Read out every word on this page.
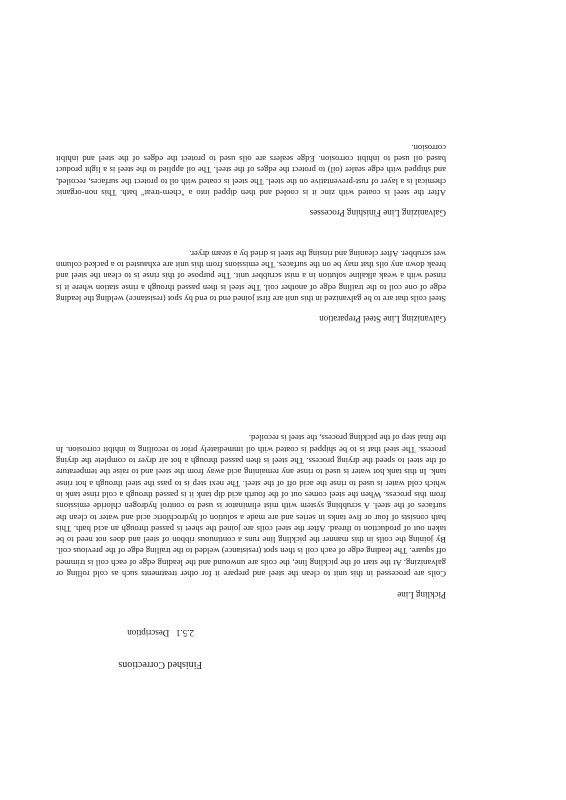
Finished Corrections
2.5.1   Description
Pickling Line

Coils are processed in this unit to clean the steel and prepare it for other treatments such as cold rolling or galvanizing. At the start of the pickling line, the coils are unwound and the leading edge of each coil is trimmed off square. The leading edge of each coil is then spot (resistance) welded to the trailing edge of the previous coil. By joining the coils in this manner the pickling line runs a continuous ribbon of steel and does not need to be taken out of production to thread. After the steel coils are joined the sheet is passed through an acid bath. This bath consists of four or five tanks in series and are made a solution of hydrochloric acid and water to clean the surfaces of the steel. A scrubbing system with mist eliminator is used to control hydrogen chloride emissions from this process. When the steel comes out of the fourth acid dip tank it is passed through a cold rinse tank in which cold water is used to rinse the acid off of the steel. The next step is to pass the steel through a hot rinse tank. In this tank hot water is used to rinse any remaining acid away from the steel and to raise the temperature of the steel to speed the drying process. The steel is then passed through a hot air dryer to complete the drying process. The steel that is to be shipped is coated with oil immediately prior to recoiling to inhibit corrosion. In the final step of the pickling process, the steel is recoiled.

Galvanizing Line Steel Preparation

Steel coils that are to be galvanized in this unit are first joined end to end by spot (resistance) welding the leading edge of one coil to the trailing edge of another coil. The steel is then passed through a rinse station where it is rinsed with a weak alkaline solution in a mist scrubber unit. The purpose of this rinse is to clean the steel and break down any oils that may be on the surfaces. The emissions from this unit are exhausted to a packed column wet scrubber. After cleaning and rinsing the steel is dried by a steam dryer.

Galvanizing Line Finishing Processes

After the steel is coated with zinc it is cooled and then dipped into a "chem-treat" bath. This non-organic chemical is a layer of rust-preventative on the steel. The steel is coated with oil to protect the surfaces, recoiled, and shipped with edge sealer (oil) to protect the edges of the steel. The oil applied to the steel is a light product based oil used to inhibit corrosion. Edge sealers are oils used to protect the edges of the steel and inhibit corrosion.
